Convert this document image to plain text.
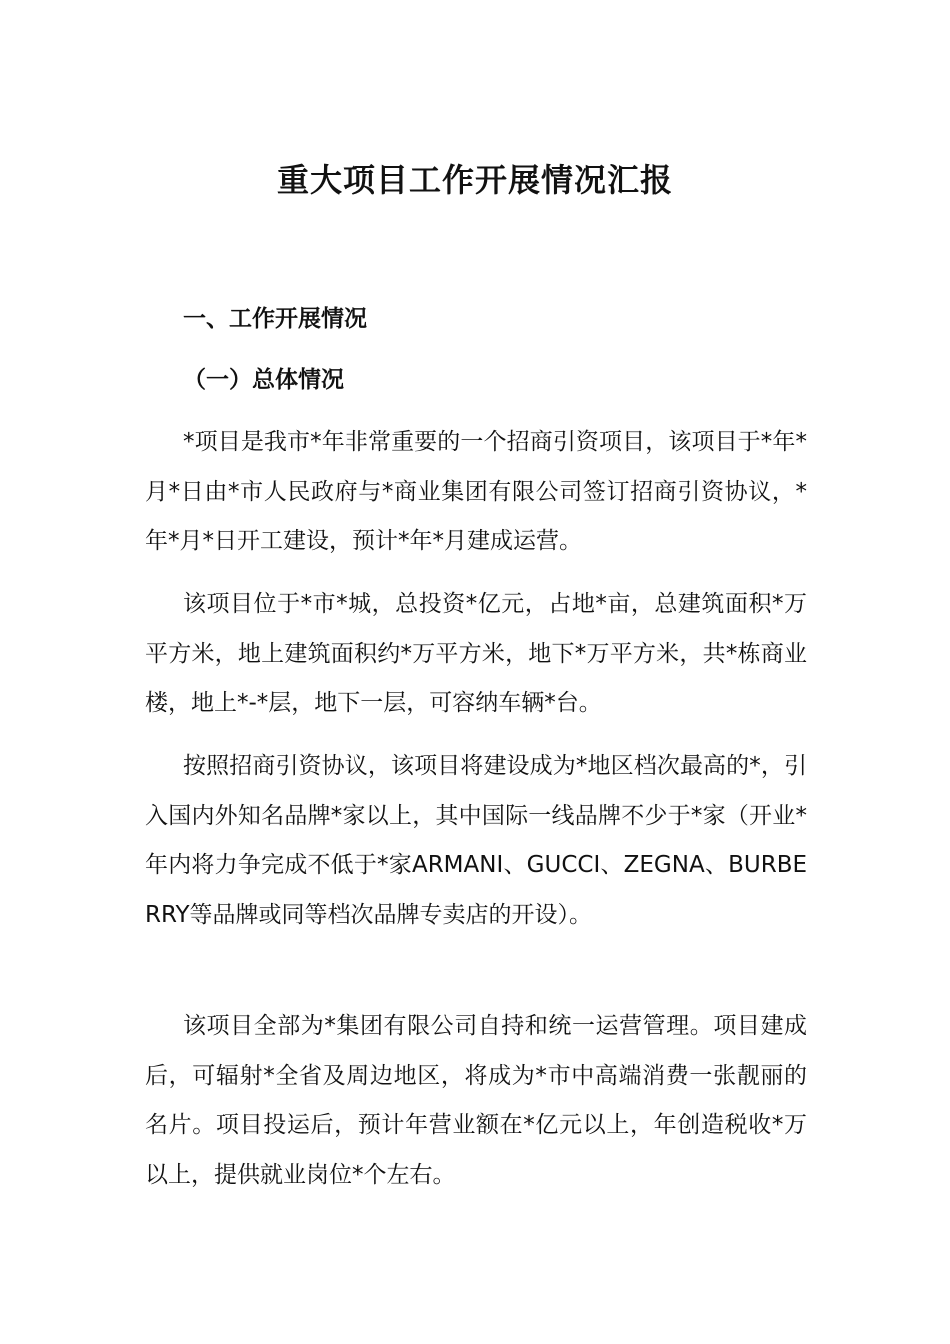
重大项目工作开展情况汇报
一、工作开展情况
（一）总体情况
*项目是我市*年非常重要的一个招商引资项目，该项目于*年*月*日由*市人民政府与*商业集团有限公司签订招商引资协议，*年*月*日开工建设，预计*年*月建成运营。
该项目位于*市*城，总投资*亿元，占地*亩，总建筑面积*万平方米，地上建筑面积约*万平方米，地下*万平方米，共*栋商业楼，地上*-*层，地下一层，可容纳车辆*台。
按照招商引资协议，该项目将建设成为*地区档次最高的*，引入国内外知名品牌*家以上，其中国际一线品牌不少于*家（开业*年内将力争完成不低于*家ARMANI、GUCCI、ZEGNA、BURBERRY等品牌或同等档次品牌专卖店的开设）。
该项目全部为*集团有限公司自持和统一运营管理。项目建成后，可辐射*全省及周边地区，将成为*市中高端消费一张靓丽的名片。项目投运后，预计年营业额在*亿元以上，年创造税收*万以上，提供就业岗位*个左右。
